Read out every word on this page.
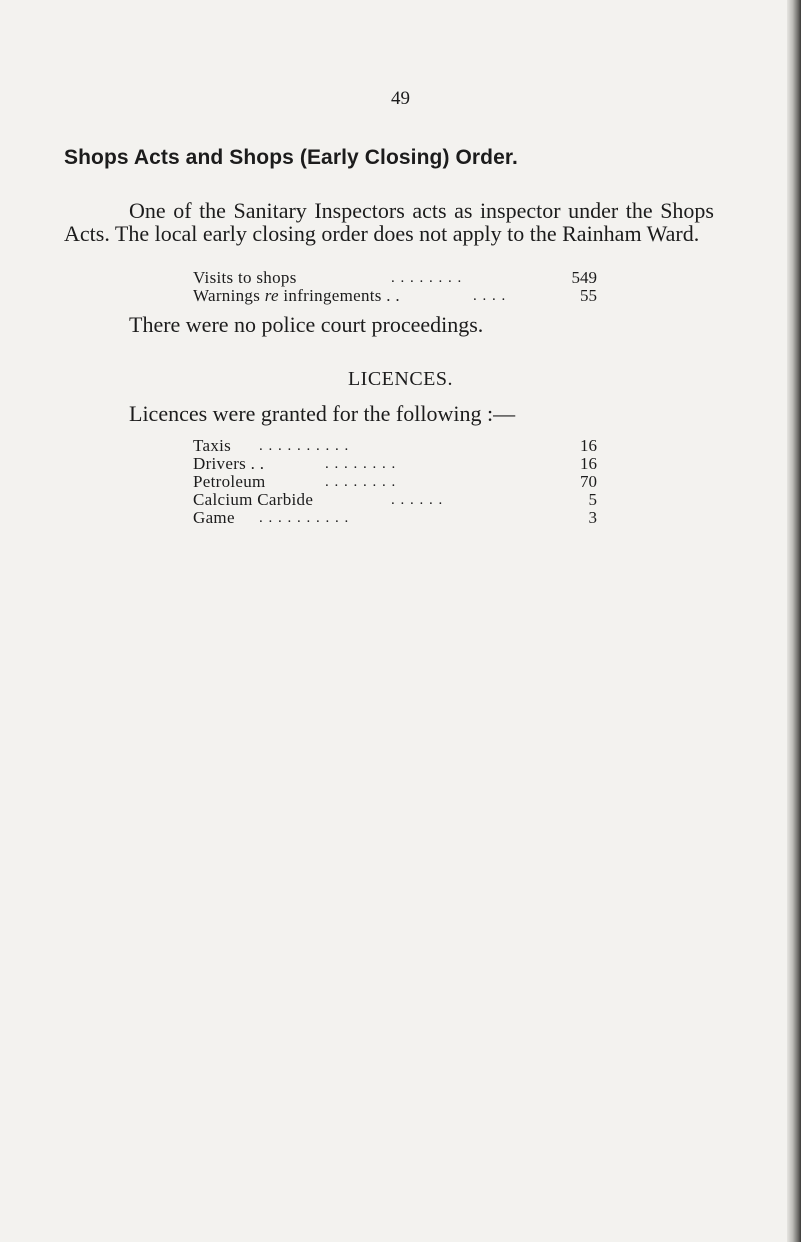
49
Shops Acts and Shops (Early Closing) Order.

One of the Sanitary Inspectors acts as inspector under the Shops Acts. The local early closing order does not apply to the Rainham Ward.

Visits to shops	. . . . . . . .	549
Warnings re infringements . .	. . . .	55

There were no police court proceedings.

LICENCES.

Licences were granted for the following :—

Taxis . . . . . . . . . .	16
Drivers . .	. . . . . . . .	16
Petroleum	. . . . . . . .	70
Calcium Carbide	. . . . . .	5
Game . . . . . . . . . .	3
